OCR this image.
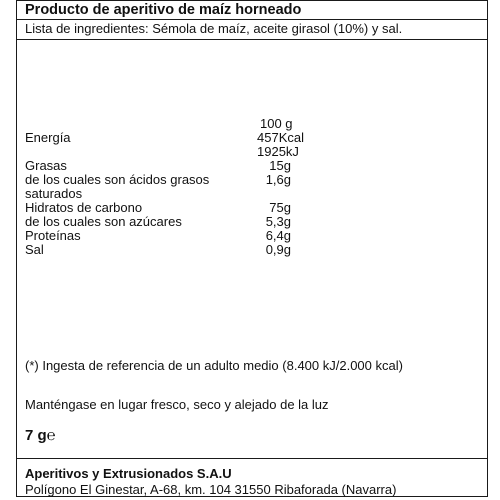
Producto de aperitivo de maíz horneado
Lista de ingredientes: Sémola de maíz, aceite girasol (10%) y sal.
100 g
Energía	457Kcal
1925kJ
Grasas	15g
de los cuales son ácidos grasos	1,6g
saturados
Hidratos de carbono	75g
de los cuales son azúcares	5,3g
Proteínas	6,4g
Sal	0,9g
(*) Ingesta de referencia de un adulto medio (8.400 kJ/2.000 kcal)
Manténgase en lugar fresco, seco y alejado de la luz
7 g℮
Aperitivos y Extrusionados S.A.U
Polígono El Ginestar, A-68, km. 104 31550 Ribaforada (Navarra)
